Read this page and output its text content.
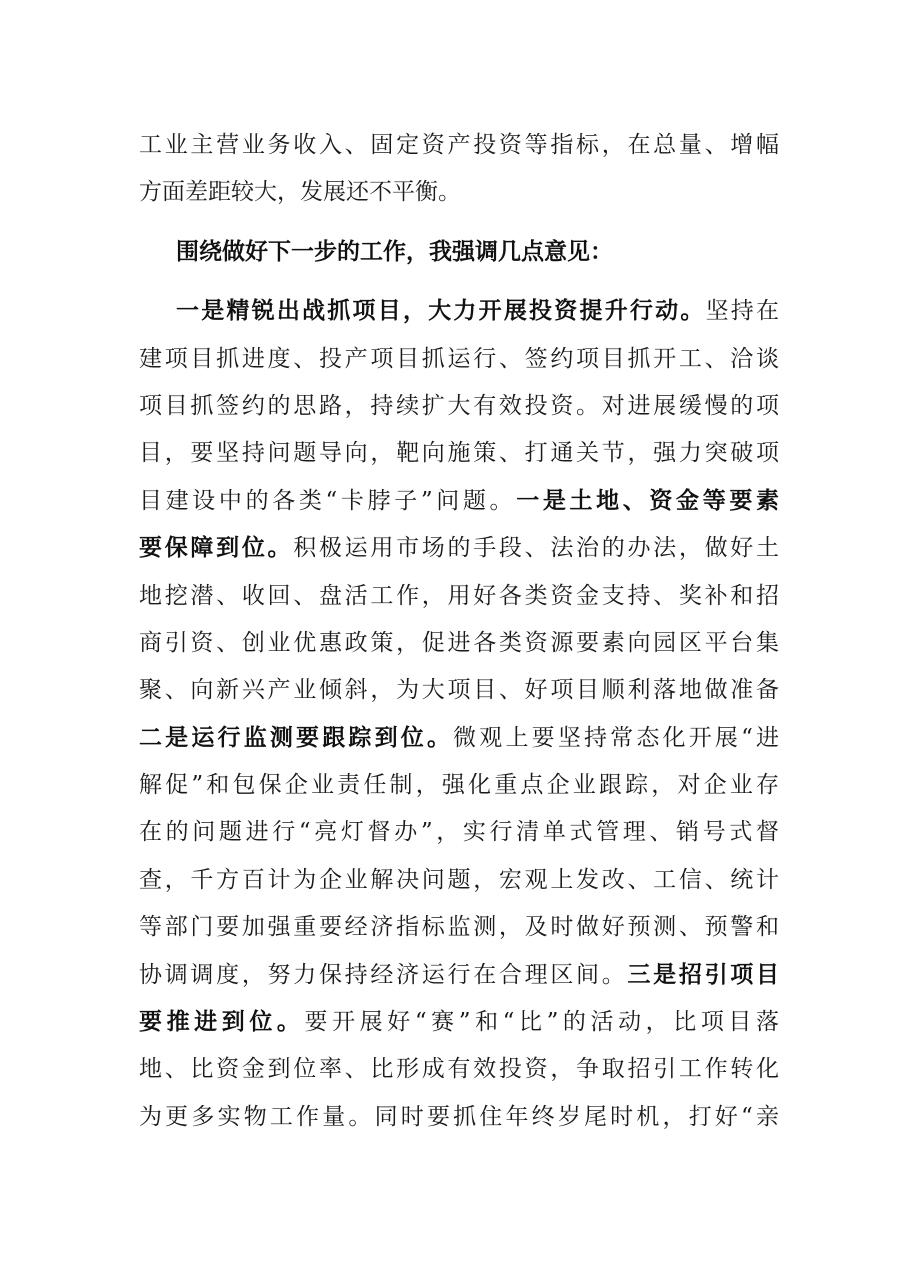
工业主营业务收入、固定资产投资等指标，在总量、增幅
方面差距较大，发展还不平衡。
围绕做好下一步的工作，我强调几点意见：
一是精锐出战抓项目，大力开展投资提升行动。坚持在
建项目抓进度、投产项目抓运行、签约项目抓开工、洽谈
项目抓签约的思路，持续扩大有效投资。对进展缓慢的项
目，要坚持问题导向，靶向施策、打通关节，强力突破项
目建设中的各类“卡脖子”问题。一是土地、资金等要素
要保障到位。积极运用市场的手段、法治的办法，做好土
地挖潜、收回、盘活工作，用好各类资金支持、奖补和招
商引资、创业优惠政策，促进各类资源要素向园区平台集
聚、向新兴产业倾斜，为大项目、好项目顺利落地做准备
二是运行监测要跟踪到位。微观上要坚持常态化开展“进
解促”和包保企业责任制，强化重点企业跟踪，对企业存
在的问题进行“亮灯督办”，实行清单式管理、销号式督
查，千方百计为企业解决问题，宏观上发改、工信、统计
等部门要加强重要经济指标监测，及时做好预测、预警和
协调调度，努力保持经济运行在合理区间。三是招引项目
要推进到位。要开展好“赛”和“比”的活动，比项目落
地、比资金到位率、比形成有效投资，争取招引工作转化
为更多实物工作量。同时要抓住年终岁尾时机，打好“亲
